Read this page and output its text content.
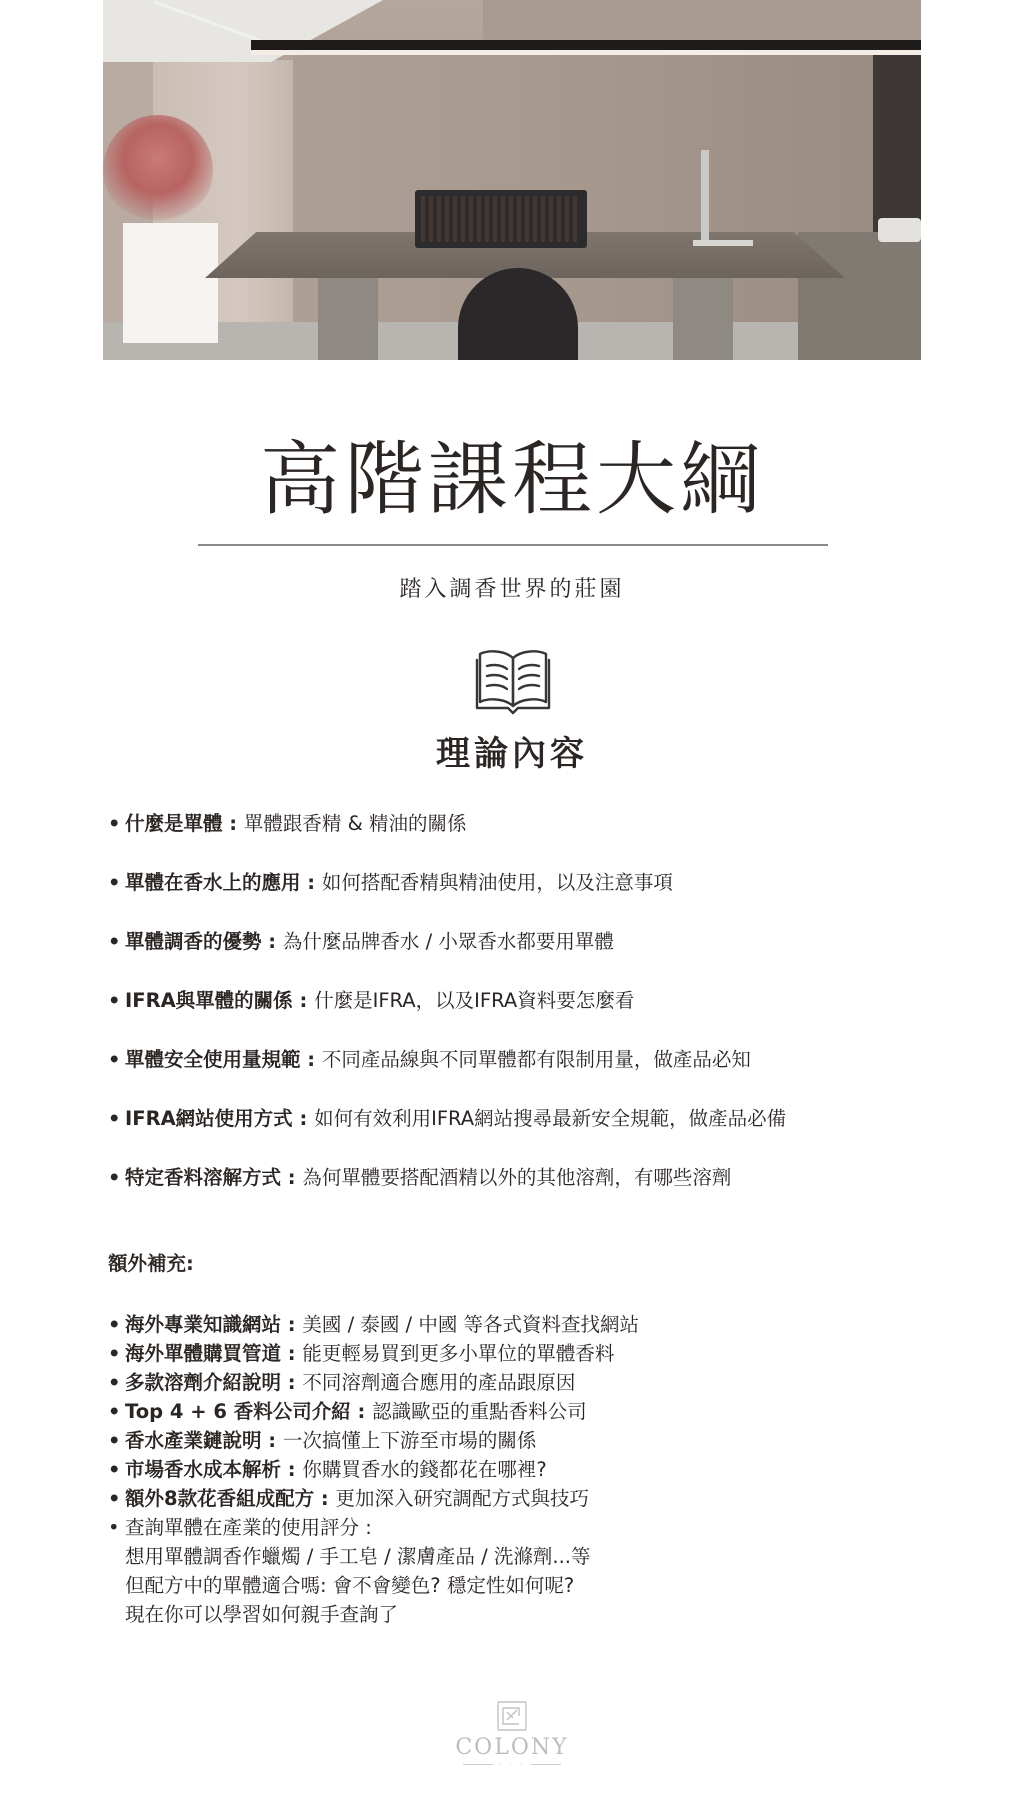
高階課程大綱
踏入調香世界的莊園
理論內容
• 什麼是單體 : 單體跟香精 & 精油的關係
• 單體在香水上的應用 : 如何搭配香精與精油使用，以及注意事項
• 單體調香的優勢 : 為什麼品牌香水 / 小眾香水都要用單體
• IFRA與單體的關係 : 什麼是IFRA，以及IFRA資料要怎麼看
• 單體安全使用量規範 : 不同產品線與不同單體都有限制用量，做產品必知
• IFRA網站使用方式 : 如何有效利用IFRA網站搜尋最新安全規範，做產品必備
• 特定香料溶解方式 : 為何單體要搭配酒精以外的其他溶劑，有哪些溶劑
額外補充:
• 海外專業知識網站 : 美國 / 泰國 / 中國 等各式資料查找網站
• 海外單體購買管道 : 能更輕易買到更多小單位的單體香料
• 多款溶劑介紹說明 : 不同溶劑適合應用的產品跟原因
• Top 4 + 6 香料公司介紹 : 認識歐亞的重點香料公司
• 香水產業鏈說明 : 一次搞懂上下游至市場的關係
• 市場香水成本解析 : 你購買香水的錢都花在哪裡?
• 額外8款花香組成配方 : 更加深入研究調配方式與技巧
• 查詢單體在產業的使用評分 :
想用單體調香作蠟燭 / 手工皂 / 潔膚產品 / 洗滌劑...等
但配方中的單體適合嗎: 會不會變色? 穩定性如何呢?
現在你可以學習如何親手查詢了
COLONY
· · ·
